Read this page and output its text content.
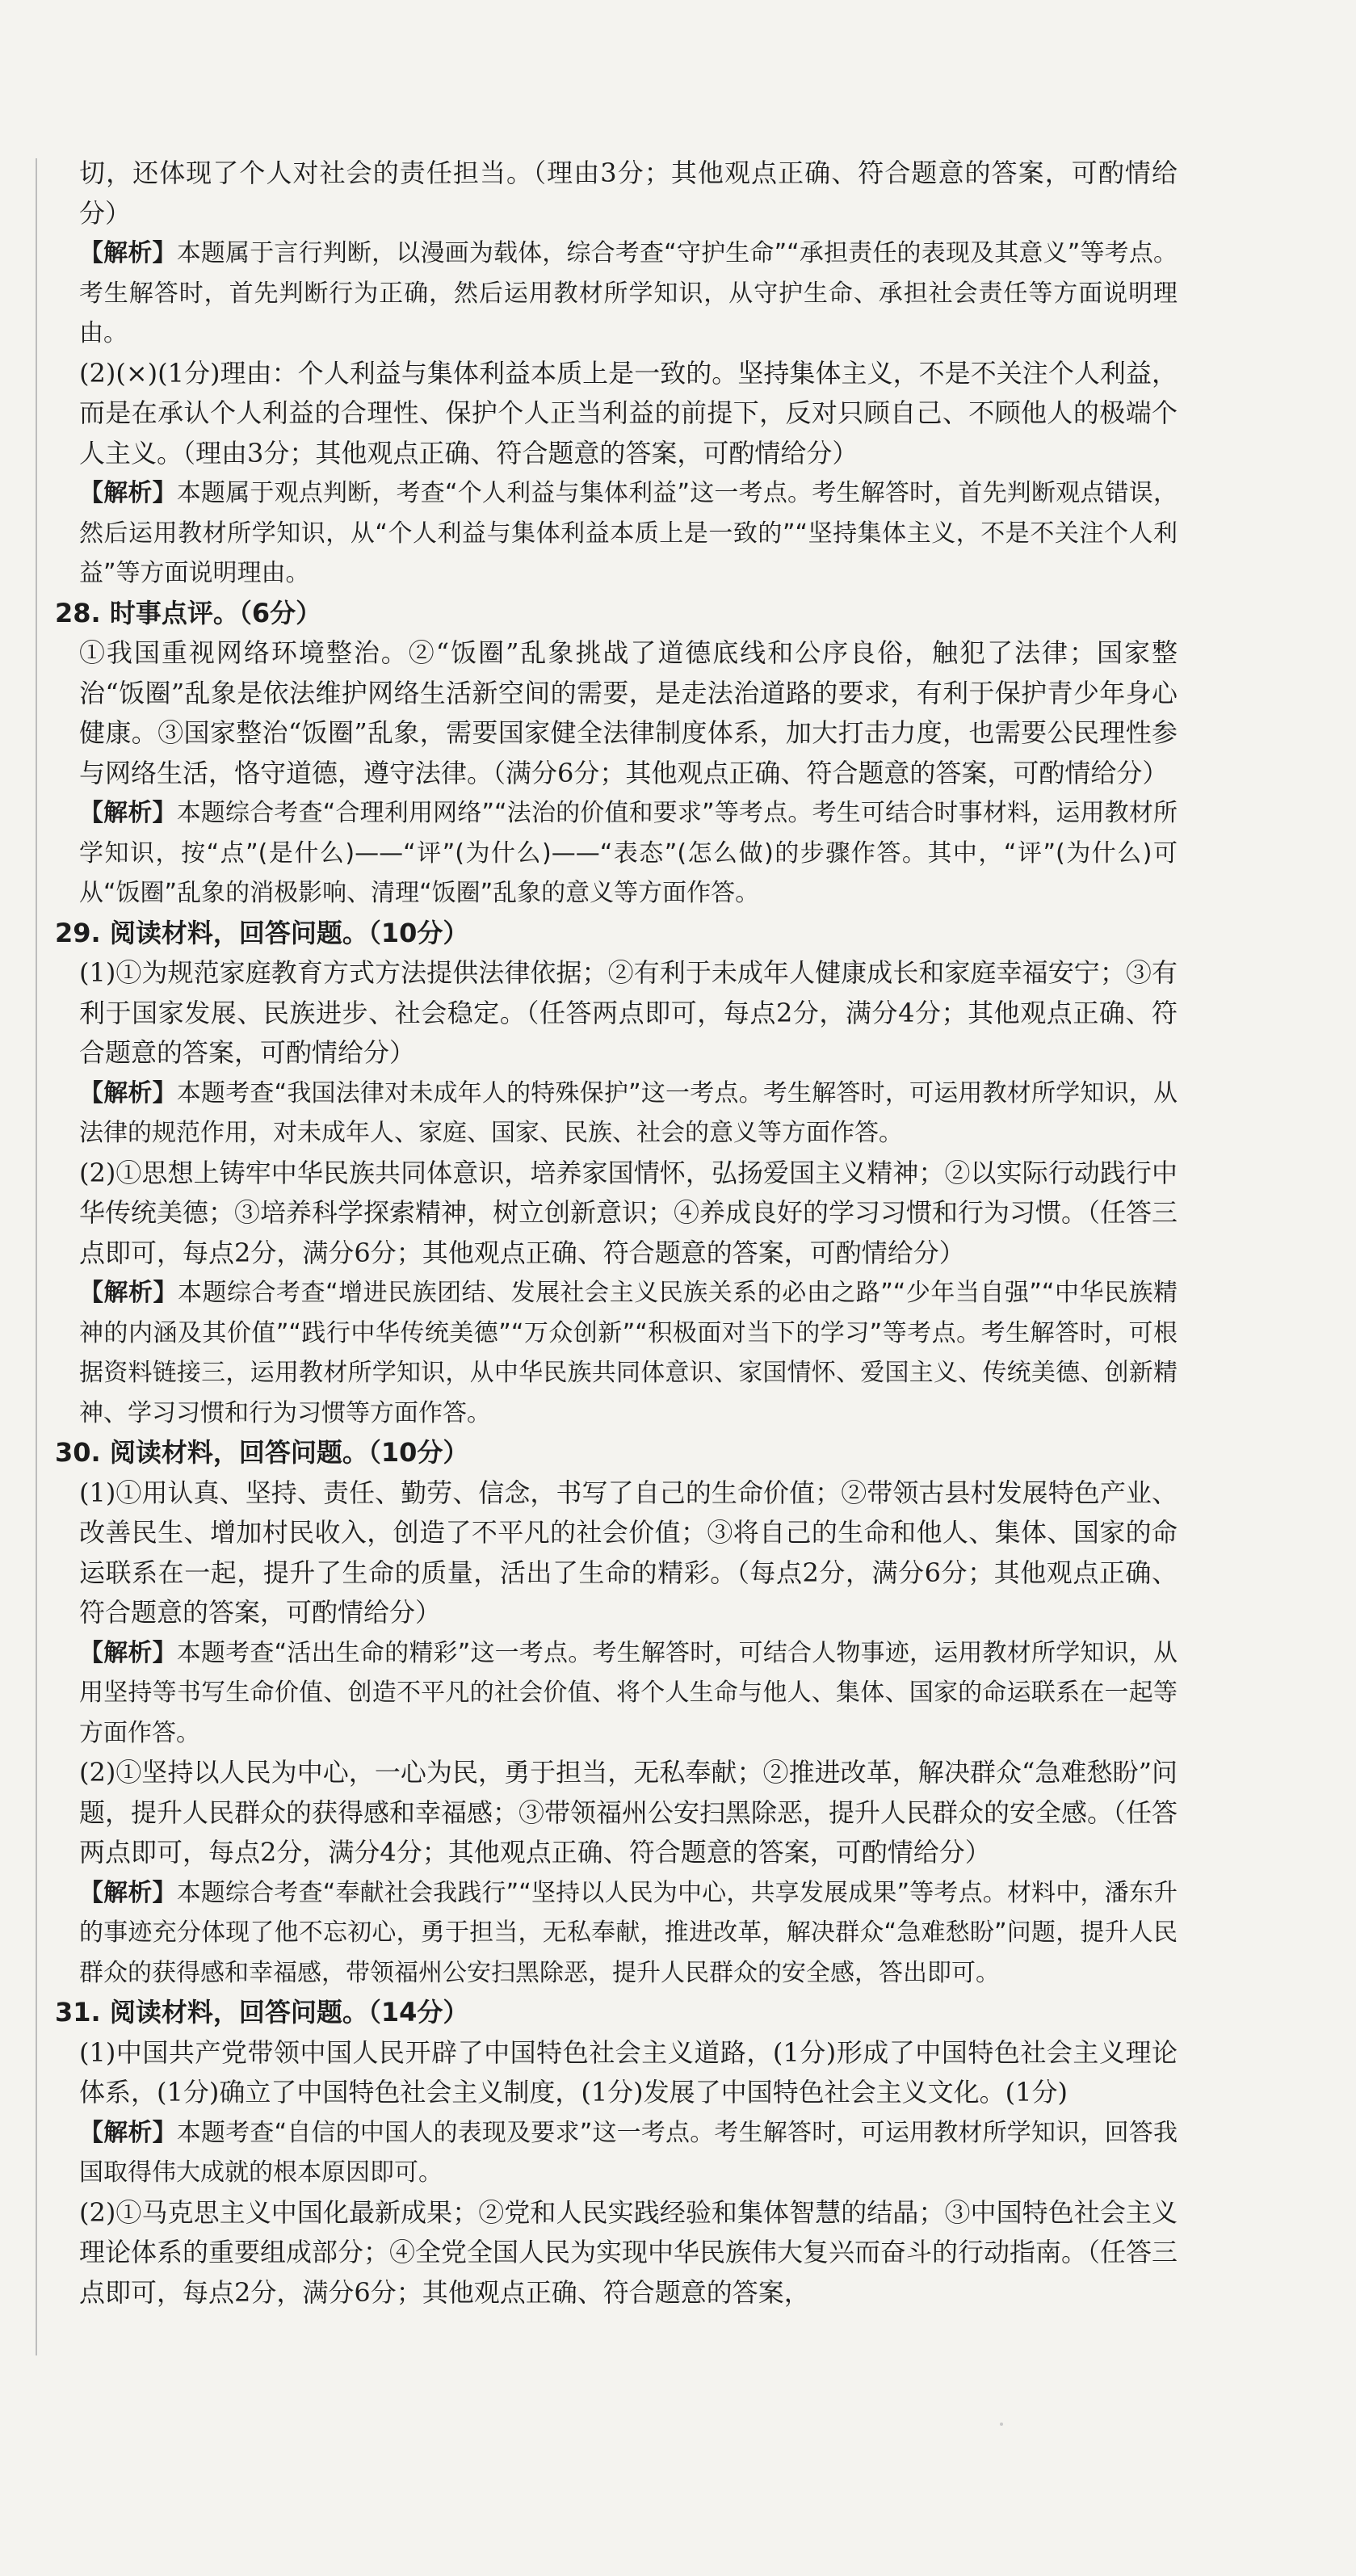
切，还体现了个人对社会的责任担当。（理由3分；其他观点正确、符合题意的答案，可酌情给分）

【解析】本题属于言行判断，以漫画为载体，综合考查“守护生命”“承担责任的表现及其意义”等考点。考生解答时，首先判断行为正确，然后运用教材所学知识，从守护生命、承担社会责任等方面说明理由。

(2)(×)(1分)理由：个人利益与集体利益本质上是一致的。坚持集体主义，不是不关注个人利益，而是在承认个人利益的合理性、保护个人正当利益的前提下，反对只顾自己、不顾他人的极端个人主义。（理由3分；其他观点正确、符合题意的答案，可酌情给分）

【解析】本题属于观点判断，考查“个人利益与集体利益”这一考点。考生解答时，首先判断观点错误，然后运用教材所学知识，从“个人利益与集体利益本质上是一致的”“坚持集体主义，不是不关注个人利益”等方面说明理由。

28. 时事点评。（6分）

①我国重视网络环境整治。②“饭圈”乱象挑战了道德底线和公序良俗，触犯了法律；国家整治“饭圈”乱象是依法维护网络生活新空间的需要，是走法治道路的要求，有利于保护青少年身心健康。③国家整治“饭圈”乱象，需要国家健全法律制度体系，加大打击力度，也需要公民理性参与网络生活，恪守道德，遵守法律。（满分6分；其他观点正确、符合题意的答案，可酌情给分）

【解析】本题综合考查“合理利用网络”“法治的价值和要求”等考点。考生可结合时事材料，运用教材所学知识，按“点”(是什么)——“评”(为什么)——“表态”(怎么做)的步骤作答。其中，“评”(为什么)可从“饭圈”乱象的消极影响、清理“饭圈”乱象的意义等方面作答。

29. 阅读材料，回答问题。（10分）

(1)①为规范家庭教育方式方法提供法律依据；②有利于未成年人健康成长和家庭幸福安宁；③有利于国家发展、民族进步、社会稳定。（任答两点即可，每点2分，满分4分；其他观点正确、符合题意的答案，可酌情给分）

【解析】本题考查“我国法律对未成年人的特殊保护”这一考点。考生解答时，可运用教材所学知识，从法律的规范作用，对未成年人、家庭、国家、民族、社会的意义等方面作答。

(2)①思想上铸牢中华民族共同体意识，培养家国情怀，弘扬爱国主义精神；②以实际行动践行中华传统美德；③培养科学探索精神，树立创新意识；④养成良好的学习习惯和行为习惯。（任答三点即可，每点2分，满分6分；其他观点正确、符合题意的答案，可酌情给分）

【解析】本题综合考查“增进民族团结、发展社会主义民族关系的必由之路”“少年当自强”“中华民族精神的内涵及其价值”“践行中华传统美德”“万众创新”“积极面对当下的学习”等考点。考生解答时，可根据资料链接三，运用教材所学知识，从中华民族共同体意识、家国情怀、爱国主义、传统美德、创新精神、学习习惯和行为习惯等方面作答。

30. 阅读材料，回答问题。（10分）

(1)①用认真、坚持、责任、勤劳、信念，书写了自己的生命价值；②带领古县村发展特色产业、改善民生、增加村民收入，创造了不平凡的社会价值；③将自己的生命和他人、集体、国家的命运联系在一起，提升了生命的质量，活出了生命的精彩。（每点2分，满分6分；其他观点正确、符合题意的答案，可酌情给分）

【解析】本题考查“活出生命的精彩”这一考点。考生解答时，可结合人物事迹，运用教材所学知识，从用坚持等书写生命价值、创造不平凡的社会价值、将个人生命与他人、集体、国家的命运联系在一起等方面作答。

(2)①坚持以人民为中心，一心为民，勇于担当，无私奉献；②推进改革，解决群众“急难愁盼”问题，提升人民群众的获得感和幸福感；③带领福州公安扫黑除恶，提升人民群众的安全感。（任答两点即可，每点2分，满分4分；其他观点正确、符合题意的答案，可酌情给分）

【解析】本题综合考查“奉献社会我践行”“坚持以人民为中心，共享发展成果”等考点。材料中，潘东升的事迹充分体现了他不忘初心，勇于担当，无私奉献，推进改革，解决群众“急难愁盼”问题，提升人民群众的获得感和幸福感，带领福州公安扫黑除恶，提升人民群众的安全感，答出即可。

31. 阅读材料，回答问题。（14分）

(1)中国共产党带领中国人民开辟了中国特色社会主义道路，(1分)形成了中国特色社会主义理论体系，(1分)确立了中国特色社会主义制度，(1分)发展了中国特色社会主义文化。(1分)

【解析】本题考查“自信的中国人的表现及要求”这一考点。考生解答时，可运用教材所学知识，回答我国取得伟大成就的根本原因即可。

(2)①马克思主义中国化最新成果；②党和人民实践经验和集体智慧的结晶；③中国特色社会主义理论体系的重要组成部分；④全党全国人民为实现中华民族伟大复兴而奋斗的行动指南。（任答三点即可，每点2分，满分6分；其他观点正确、符合题意的答案，
